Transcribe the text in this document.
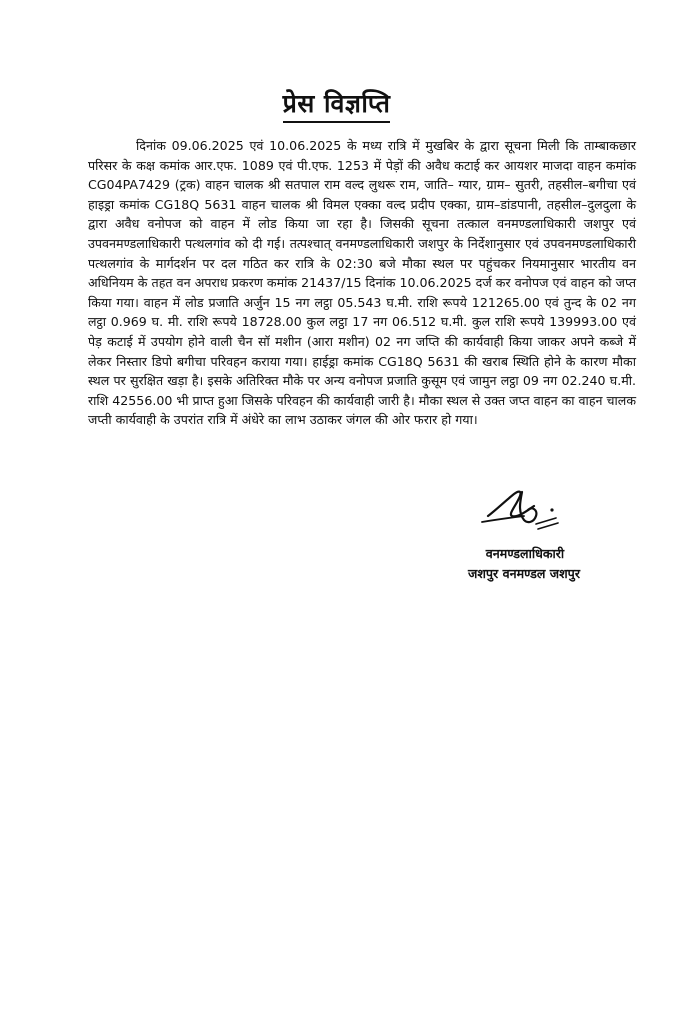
प्रेस विज्ञप्ति

दिनांक 09.06.2025 एवं 10.06.2025 के मध्य रात्रि में मुखबिर के द्वारा सूचना मिली कि ताम्बाकछार परिसर के कक्ष कमांक आर.एफ. 1089 एवं पी.एफ. 1253 में पेड़ों की अवैध कटाई कर आयशर माजदा वाहन कमांक CG04PA7429 (ट्रक) वाहन चालक श्री सतपाल राम वल्द लुथरू राम, जाति– ग्यार, ग्राम– सुतरी, तहसील–बगीचा एवं हाइड्रा कमांक CG18Q 5631 वाहन चालक श्री विमल एक्का वल्द प्रदीप एक्का, ग्राम–डांडपानी, तहसील–दुलदुला के द्वारा अवैध वनोपज को वाहन में लोड किया जा रहा है। जिसकी सूचना तत्काल वनमण्डलाधिकारी जशपुर एवं उपवनमण्डलाधिकारी पत्थलगांव को दी गई। तत्पश्चात् वनमण्डलाधिकारी जशपुर के निर्देशानुसार एवं उपवनमण्डलाधिकारी पत्थलगांव के मार्गदर्शन पर दल गठित कर रात्रि के 02:30 बजे मौका स्थल पर पहुंचकर नियमानुसार भारतीय वन अधिनियम के तहत वन अपराध प्रकरण कमांक 21437/15 दिनांक 10.06.2025 दर्ज कर वनोपज एवं वाहन को जप्त किया गया। वाहन में लोड प्रजाति अर्जुन 15 नग लट्ठा 05.543 घ.मी. राशि रूपये 121265.00 एवं तुन्द के 02 नग लट्ठा 0.969 घ. मी. राशि रूपये 18728.00 कुल लट्ठा 17 नग 06.512 घ.मी. कुल राशि रूपये 139993.00 एवं पेड़ कटाई में उपयोग होने वाली चैन सॉ मशीन (आरा मशीन) 02 नग जप्ति की कार्यवाही किया जाकर अपने कब्जे में लेकर निस्तार डिपो बगीचा परिवहन कराया गया। हाईड्रा कमांक CG18Q 5631 की खराब स्थिति होने के कारण मौका स्थल पर सुरक्षित खड़ा है। इसके अतिरिक्त मौके पर अन्य वनोपज प्रजाति कुसूम एवं जामुन लट्ठा 09 नग 02.240 घ.मी. राशि 42556.00 भी प्राप्त हुआ जिसके परिवहन की कार्यवाही जारी है। मौका स्थल से उक्त जप्त वाहन का वाहन चालक जप्ती कार्यवाही के उपरांत रात्रि में अंधेरे का लाभ उठाकर जंगल की ओर फरार हो गया।

वनमण्डलाधिकारी
जशपुर वनमण्डल जशपुर
